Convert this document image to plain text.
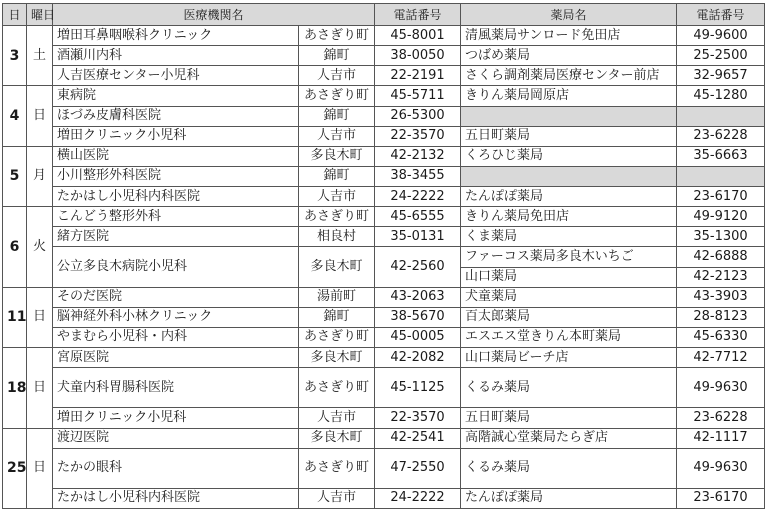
日	曜日	医療機関名		電話番号	薬局名	電話番号
3	土	増田耳鼻咽喉科クリニック	あさぎり町	45-8001	清風薬局サンロード免田店	49-9600
		酒瀬川内科	錦町	38-0050	つばめ薬局	25-2500
		人吉医療センター小児科	人吉市	22-2191	さくら調剤薬局医療センター前店	32-9657
4	日	東病院	あさぎり町	45-5711	きりん薬局岡原店	45-1280
		ほづみ皮膚科医院	錦町	26-5300		
		増田クリニック小児科	人吉市	22-3570	五日町薬局	23-6228
5	月	横山医院	多良木町	42-2132	くろひじ薬局	35-6663
		小川整形外科医院	錦町	38-3455		
		たかはし小児科内科医院	人吉市	24-2222	たんぽぽ薬局	23-6170
6	火	こんどう整形外科	あさぎり町	45-6555	きりん薬局免田店	49-9120
		緒方医院	相良村	35-0131	くま薬局	35-1300
		公立多良木病院小児科	多良木町	42-2560	ファーコス薬局多良木いちご	42-6888
					山口薬局	42-2123
11	日	そのだ医院	湯前町	43-2063	犬童薬局	43-3903
		脳神経外科小林クリニック	錦町	38-5670	百太郎薬局	28-8123
		やまむら小児科・内科	あさぎり町	45-0005	エスエス堂きりん本町薬局	45-6330
18	日	宮原医院	多良木町	42-2082	山口薬局ビーチ店	42-7712
		犬童内科胃腸科医院	あさぎり町	45-1125	くるみ薬局	49-9630
		増田クリニック小児科	人吉市	22-3570	五日町薬局	23-6228
25	日	渡辺医院	多良木町	42-2541	高階誠心堂薬局たらぎ店	42-1117
		たかの眼科	あさぎり町	47-2550	くるみ薬局	49-9630
		たかはし小児科内科医院	人吉市	24-2222	たんぽぽ薬局	23-6170
